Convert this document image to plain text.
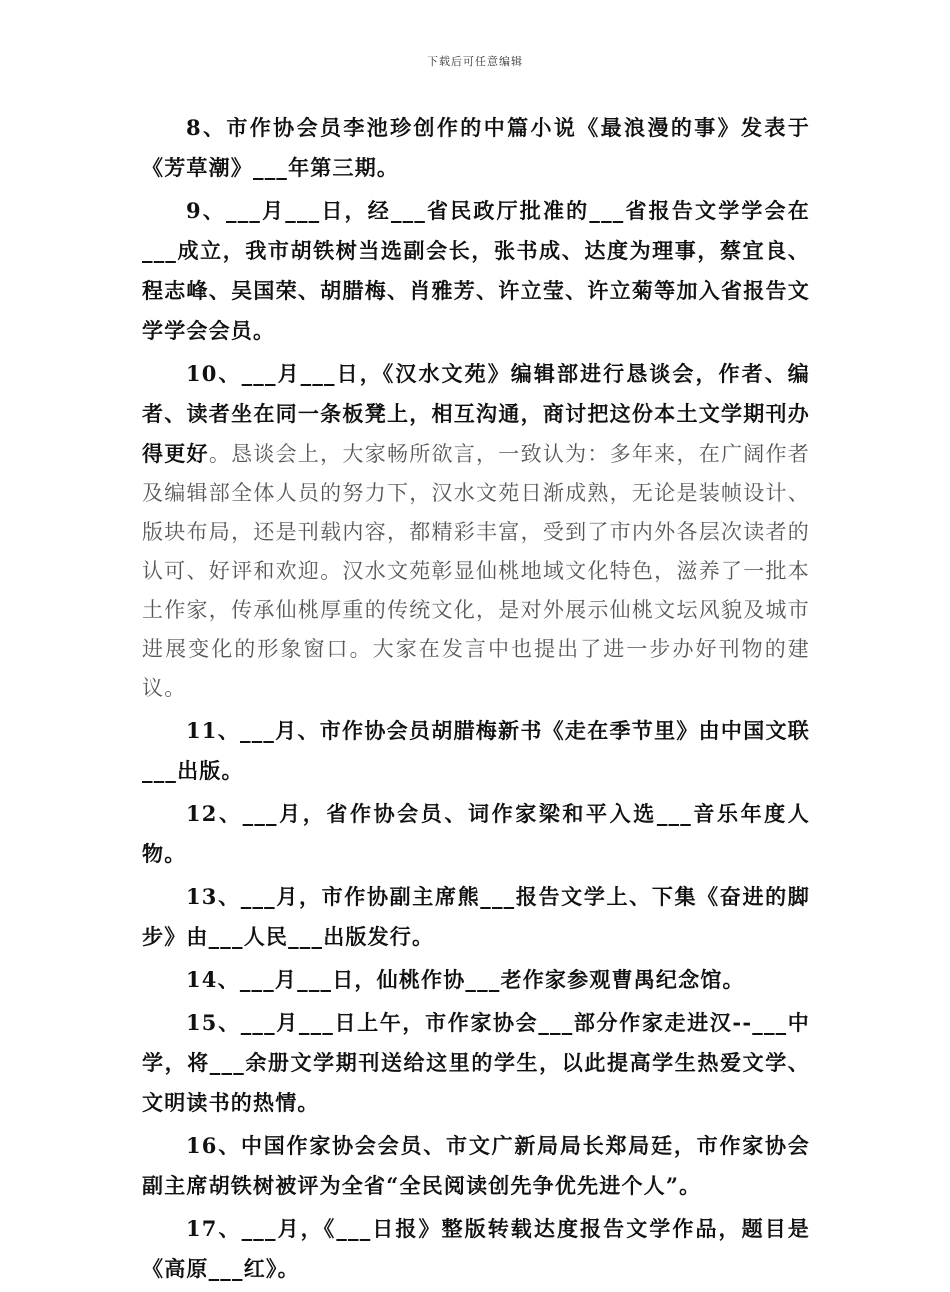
下载后可任意编辑

8、市作协会员李池珍创作的中篇小说《最浪漫的事》发表于《芳草潮》___年第三期。

9、___月___日，经___省民政厅批准的___省报告文学学会在___成立，我市胡铁树当选副会长，张书成、达度为理事，蔡宜良、程志峰、吴国荣、胡腊梅、肖雅芳、许立莹、许立菊等加入省报告文学学会会员。

10、___月___日，《汉水文苑》编辑部进行恳谈会，作者、编者、读者坐在同一条板凳上，相互沟通，商讨把这份本土文学期刊办得更好。恳谈会上，大家畅所欲言，一致认为：多年来，在广阔作者及编辑部全体人员的努力下，汉水文苑日渐成熟，无论是装帧设计、版块布局，还是刊载内容，都精彩丰富，受到了市内外各层次读者的认可、好评和欢迎。汉水文苑彰显仙桃地域文化特色，滋养了一批本土作家，传承仙桃厚重的传统文化，是对外展示仙桃文坛风貌及城市进展变化的形象窗口。大家在发言中也提出了进一步办好刊物的建议。

11、___月、市作协会员胡腊梅新书《走在季节里》由中国文联___出版。

12、___月，省作协会员、词作家梁和平入选___音乐年度人物。

13、___月，市作协副主席熊___报告文学上、下集《奋进的脚步》由___人民___出版发行。

14、___月___日，仙桃作协___老作家参观曹禺纪念馆。

15、___月___日上午，市作家协会___部分作家走进汉--___中学，将___余册文学期刊送给这里的学生，以此提高学生热爱文学、文明读书的热情。

16、中国作家协会会员、市文广新局局长郑局廷，市作家协会副主席胡铁树被评为全省“全民阅读创先争优先进个人”。

17、___月，《___日报》整版转载达度报告文学作品，题目是《高原___红》。
